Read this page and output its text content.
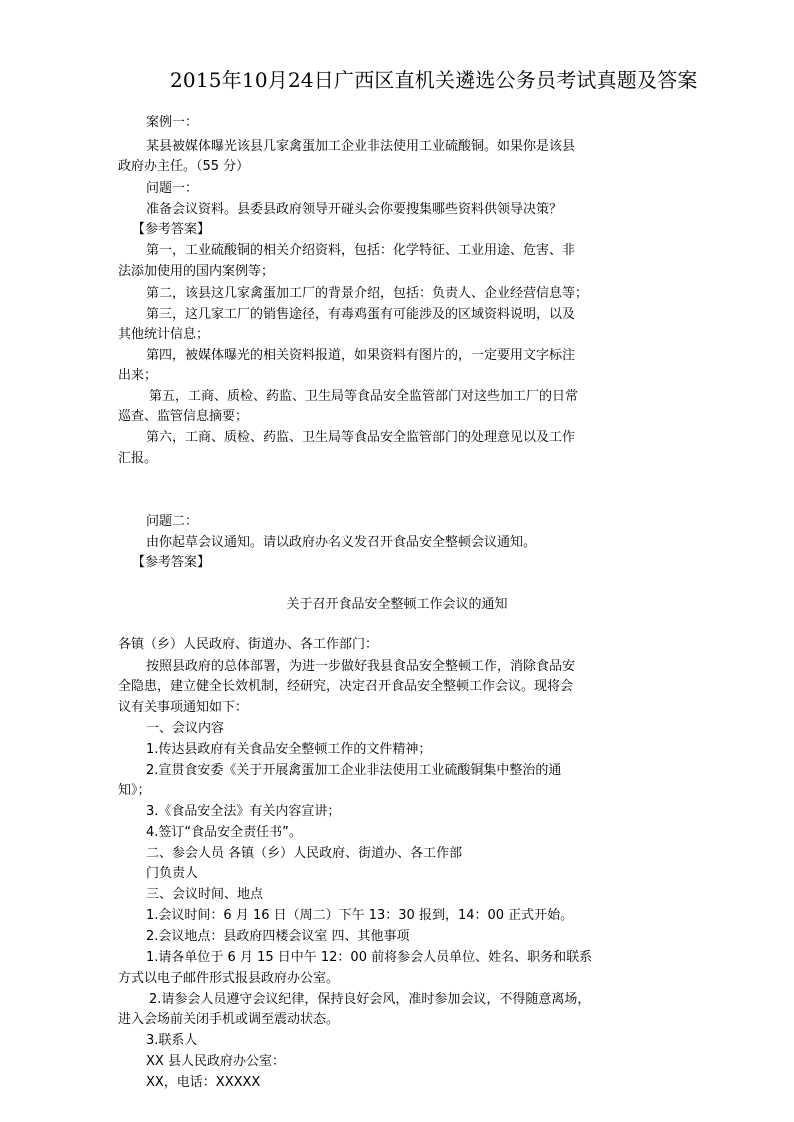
2015年10月24日广西区直机关遴选公务员考试真题及答案
案例一：
某县被媒体曝光该县几家禽蛋加工企业非法使用工业硫酸铜。如果你是该县
政府办主任。（55 分）
问题一：
准备会议资料。县委县政府领导开碰头会你要搜集哪些资料供领导决策？
【参考答案】
第一，工业硫酸铜的相关介绍资料，包括：化学特征、工业用途、危害、非
法添加使用的国内案例等；
第二，该县这几家禽蛋加工厂的背景介绍，包括：负责人、企业经营信息等；
第三，这几家工厂的销售途径，有毒鸡蛋有可能涉及的区域资料说明，以及
其他统计信息；
第四，被媒体曝光的相关资料报道，如果资料有图片的，一定要用文字标注
出来；
第五，工商、质检、药监、卫生局等食品安全监管部门对这些加工厂的日常
巡查、监管信息摘要；
第六，工商、质检、药监、卫生局等食品安全监管部门的处理意见以及工作
汇报。
问题二：
由你起草会议通知。请以政府办名义发召开食品安全整顿会议通知。
【参考答案】
关于召开食品安全整顿工作会议的通知
各镇（乡）人民政府、街道办、各工作部门：
按照县政府的总体部署，为进一步做好我县食品安全整顿工作，消除食品安
全隐患，建立健全长效机制，经研究，决定召开食品安全整顿工作会议。现将会
议有关事项通知如下：
一、会议内容
1.传达县政府有关食品安全整顿工作的文件精神；
2.宣贯食安委《关于开展禽蛋加工企业非法使用工业硫酸铜集中整治的通
知》；
3.《食品安全法》有关内容宣讲；
4.签订“食品安全责任书”。
二、参会人员 各镇（乡）人民政府、街道办、各工作部
门负责人
三、会议时间、地点
1.会议时间：6 月 16 日（周二）下午 13：30 报到，14：00 正式开始。
2.会议地点：县政府四楼会议室 四、其他事项
1.请各单位于 6 月 15 日中午 12：00 前将参会人员单位、姓名、职务和联系
方式以电子邮件形式报县政府办公室。
2.请参会人员遵守会议纪律，保持良好会风，准时参加会议，不得随意离场，
进入会场前关闭手机或调至震动状态。
3.联系人
XX 县人民政府办公室：
XX，电话：XXXXX
